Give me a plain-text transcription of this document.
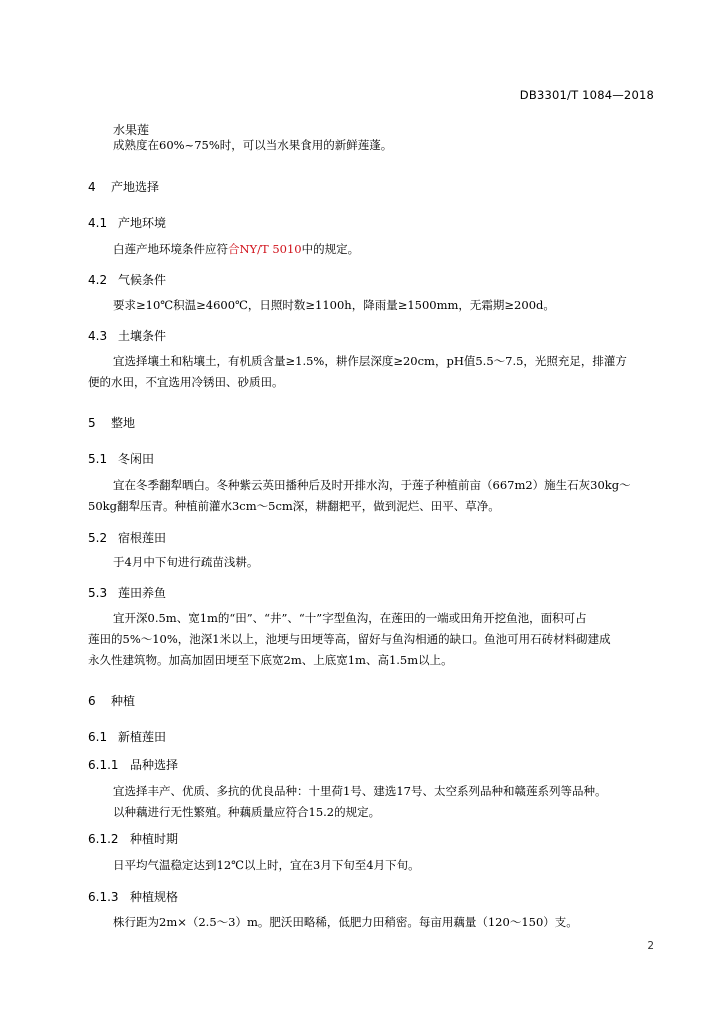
DB3301/T 1084—2018
水果莲
成熟度在60%~75%时，可以当水果食用的新鲜莲蓬。
4 产地选择
4.1 产地环境
白莲产地环境条件应符合NY/T 5010中的规定。
4.2 气候条件
要求≥10℃积温≥4600℃，日照时数≥1100h，降雨量≥1500mm，无霜期≥200d。
4.3 土壤条件
宜选择壤土和粘壤土，有机质含量≥1.5%，耕作层深度≥20cm，pH值5.5～7.5，光照充足，排灌方
便的水田，不宜选用冷锈田、砂质田。
5 整地
5.1 冬闲田
宜在冬季翻犁晒白。冬种紫云英田播种后及时开排水沟，于莲子种植前亩（667m2）施生石灰30kg～
50kg翻犁压青。种植前灌水3cm～5cm深，耕翻耙平，做到泥烂、田平、草净。
5.2 宿根莲田
于4月中下旬进行疏苗浅耕。
5.3 莲田养鱼
宜开深0.5m、宽1m的“田”、“井”、“十”字型鱼沟，在莲田的一端或田角开挖鱼池，面积可占
莲田的5%～10%，池深1米以上，池埂与田埂等高，留好与鱼沟相通的缺口。鱼池可用石砖材料砌建成
永久性建筑物。加高加固田埂至下底宽2m、上底宽1m、高1.5m以上。
6 种植
6.1 新植莲田
6.1.1 品种选择
宜选择丰产、优质、多抗的优良品种：十里荷1号、建选17号、太空系列品种和赣莲系列等品种。
以种藕进行无性繁殖。种藕质量应符合15.2的规定。
6.1.2 种植时期
日平均气温稳定达到12℃以上时，宜在3月下旬至4月下旬。
6.1.3 种植规格
株行距为2m×（2.5～3）m。肥沃田略稀，低肥力田稍密。每亩用藕量（120～150）支。
2
